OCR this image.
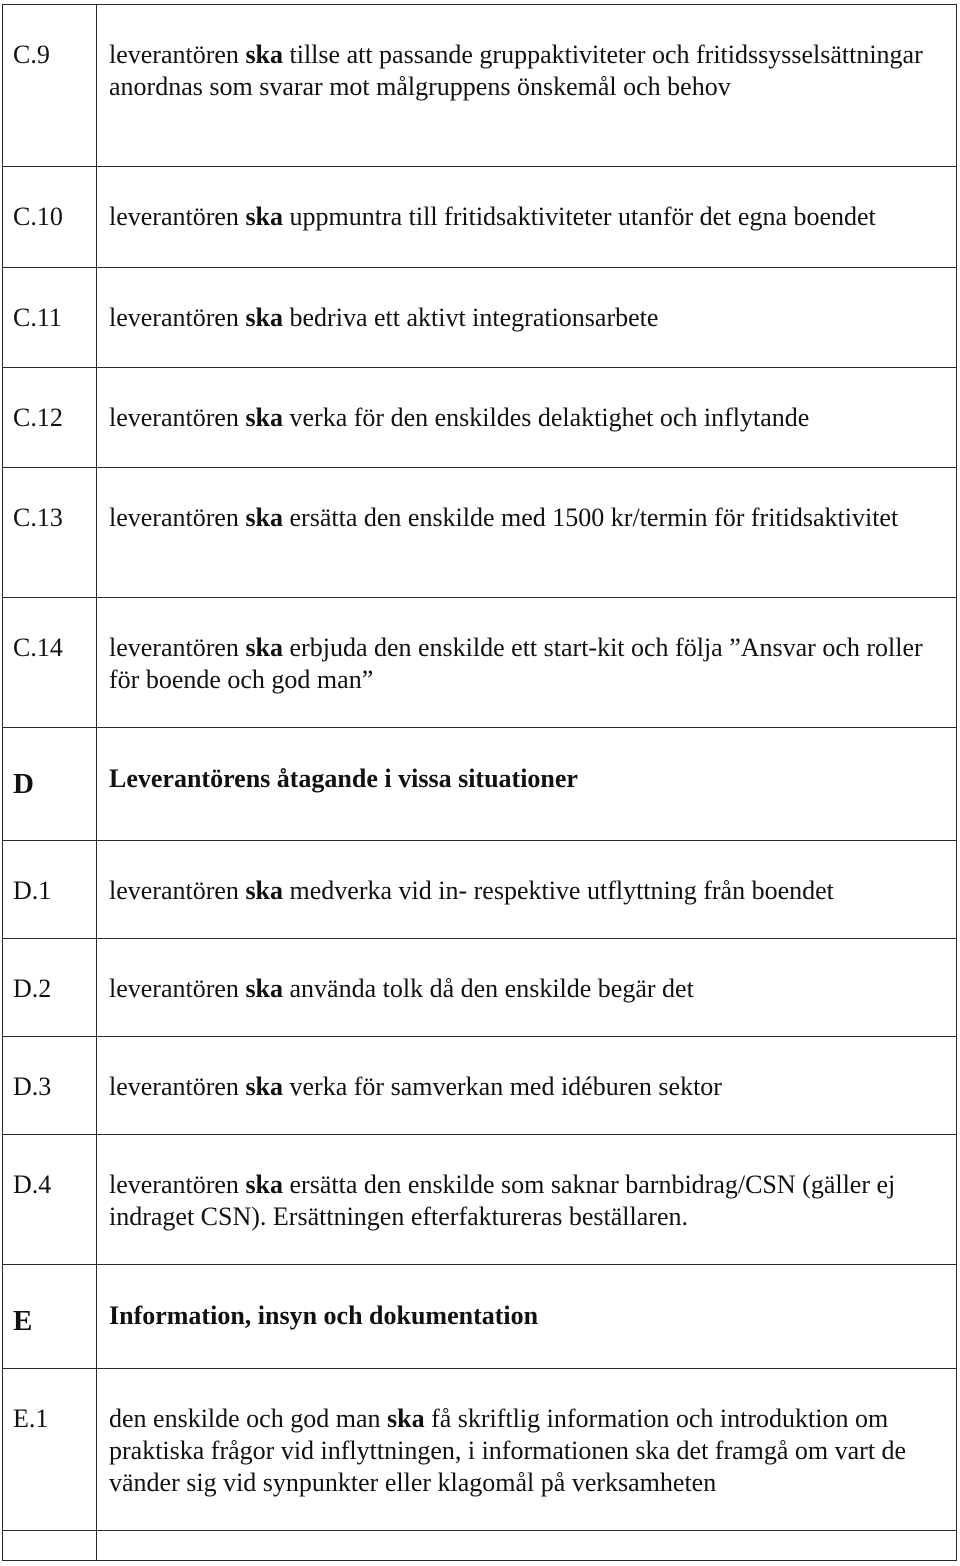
C.9	leverantören ska tillse att passande gruppaktiviteter och fritidssysselsättningar anordnas som svarar mot målgruppens önskemål och behov

C.10	leverantören ska uppmuntra till fritidsaktiviteter utanför det egna boendet

C.11	leverantören ska bedriva ett aktivt integrationsarbete

C.12	leverantören ska verka för den enskildes delaktighet och inflytande

C.13	leverantören ska ersätta den enskilde med 1500 kr/termin för fritidsaktivitet

C.14	leverantören ska erbjuda den enskilde ett start-kit och följa ”Ansvar och roller för boende och god man”

D	Leverantörens åtagande i vissa situationer

D.1	leverantören ska medverka vid in- respektive utflyttning från boendet

D.2	leverantören ska använda tolk då den enskilde begär det

D.3	leverantören ska verka för samverkan med idéburen sektor

D.4	leverantören ska ersätta den enskilde som saknar barnbidrag/CSN (gäller ej indraget CSN). Ersättningen efterfaktureras beställaren.

E	Information, insyn och dokumentation

E.1	den enskilde och god man ska få skriftlig information och introduktion om praktiska frågor vid inflyttningen, i informationen ska det framgå om vart de vänder sig vid synpunkter eller klagomål på verksamheten
